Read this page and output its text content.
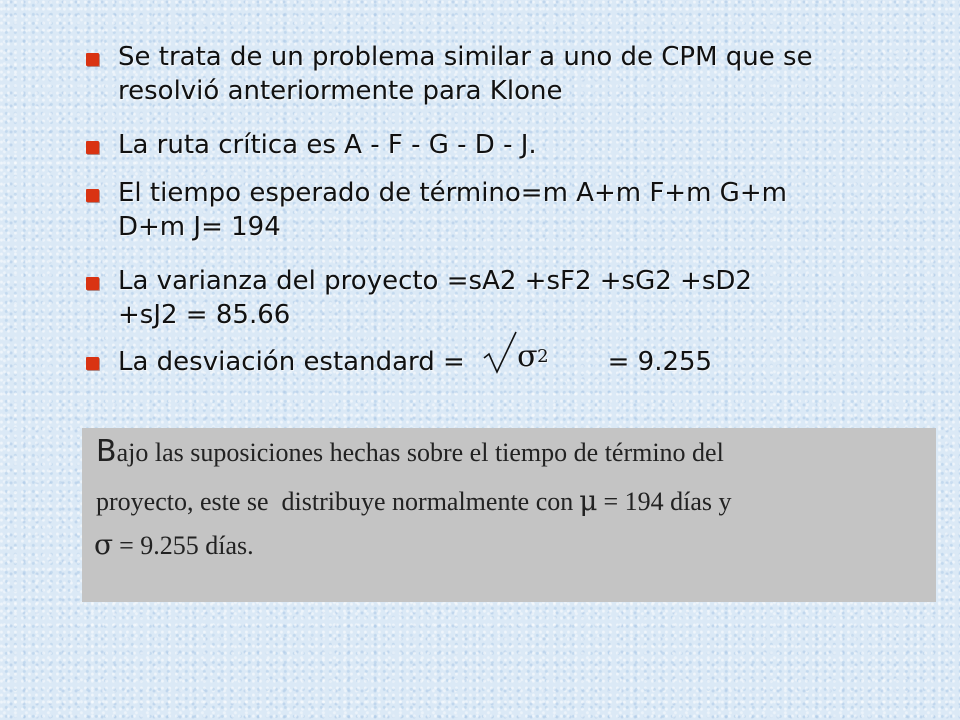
Se trata de un problema similar a uno de CPM que se
resolvió anteriormente para Klone
La ruta crítica es A - F - G - D - J.
El tiempo esperado de término=m A+m F+m G+m
D+m J= 194
La varianza del proyecto =sA2 +sF2 +sG2 +sD2
+sJ2 = 85.66
La desviación estandard = σ 2 = 9.255
Bajo las suposiciones hechas sobre el tiempo de término del
proyecto, este se  distribuye normalmente con μ = 194 días y
σ = 9.255 días.
